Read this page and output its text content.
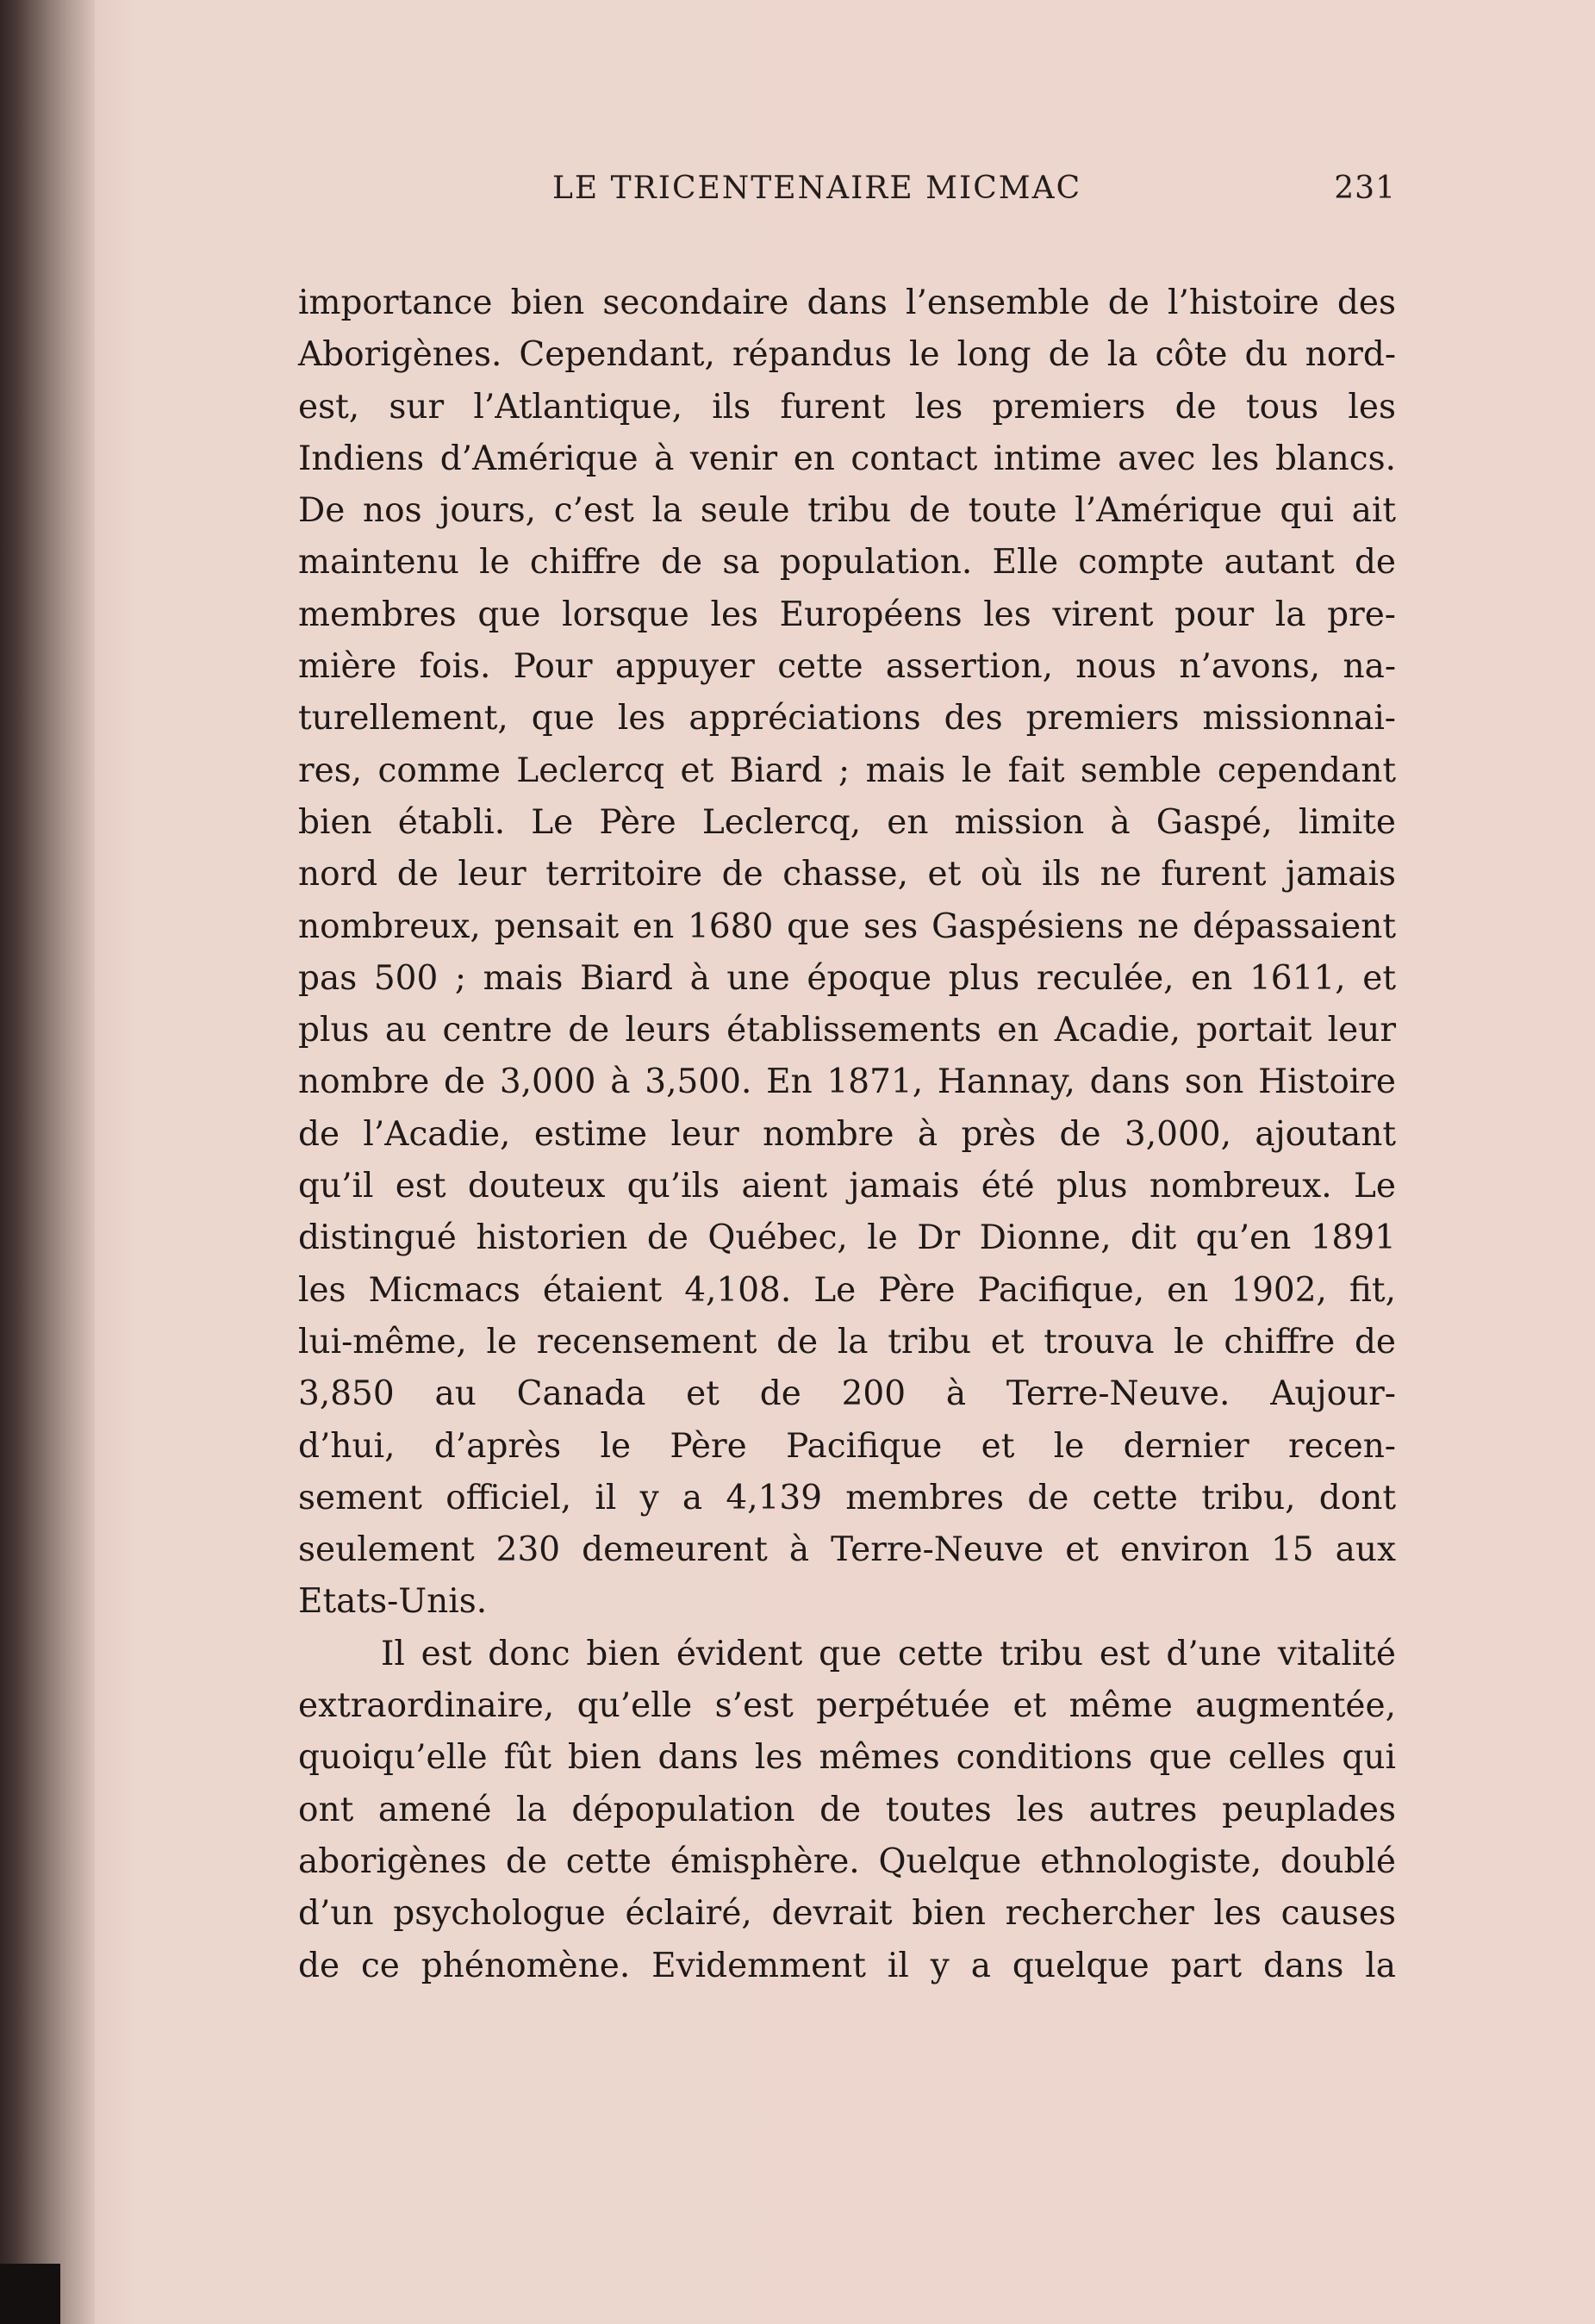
LE TRICENTENAIRE MICMAC	231
importance bien secondaire dans l’ensemble de l’histoire des
Aborigènes. Cependant, répandus le long de la côte du nord-
est, sur l’Atlantique, ils furent les premiers de tous les
Indiens d’Amérique à venir en contact intime avec les blancs.
De nos jours, c’est la seule tribu de toute l’Amérique qui ait
maintenu le chiffre de sa population. Elle compte autant de
membres que lorsque les Européens les virent pour la pre-
mière fois. Pour appuyer cette assertion, nous n’avons, na-
turellement, que les appréciations des premiers missionnai-
res, comme Leclercq et Biard ; mais le fait semble cependant
bien établi. Le Père Leclercq, en mission à Gaspé, limite
nord de leur territoire de chasse, et où ils ne furent jamais
nombreux, pensait en 1680 que ses Gaspésiens ne dépassaient
pas 500 ; mais Biard à une époque plus reculée, en 1611, et
plus au centre de leurs établissements en Acadie, portait leur
nombre de 3,000 à 3,500. En 1871, Hannay, dans son Histoire
de l’Acadie, estime leur nombre à près de 3,000, ajoutant
qu’il est douteux qu’ils aient jamais été plus nombreux. Le
distingué historien de Québec, le Dr Dionne, dit qu’en 1891
les Micmacs étaient 4,108. Le Père Pacifique, en 1902, fit,
lui-même, le recensement de la tribu et trouva le chiffre de
3,850 au Canada et de 200 à Terre-Neuve. Aujour-
d’hui, d’après le Père Pacifique et le dernier recen-
sement officiel, il y a 4,139 membres de cette tribu, dont
seulement 230 demeurent à Terre-Neuve et environ 15 aux
Etats-Unis.
Il est donc bien évident que cette tribu est d’une vitalité
extraordinaire, qu’elle s’est perpétuée et même augmentée,
quoiqu’elle fût bien dans les mêmes conditions que celles qui
ont amené la dépopulation de toutes les autres peuplades
aborigènes de cette émisphère. Quelque ethnologiste, doublé
d’un psychologue éclairé, devrait bien rechercher les causes
de ce phénomène. Evidemment il y a quelque part dans la
